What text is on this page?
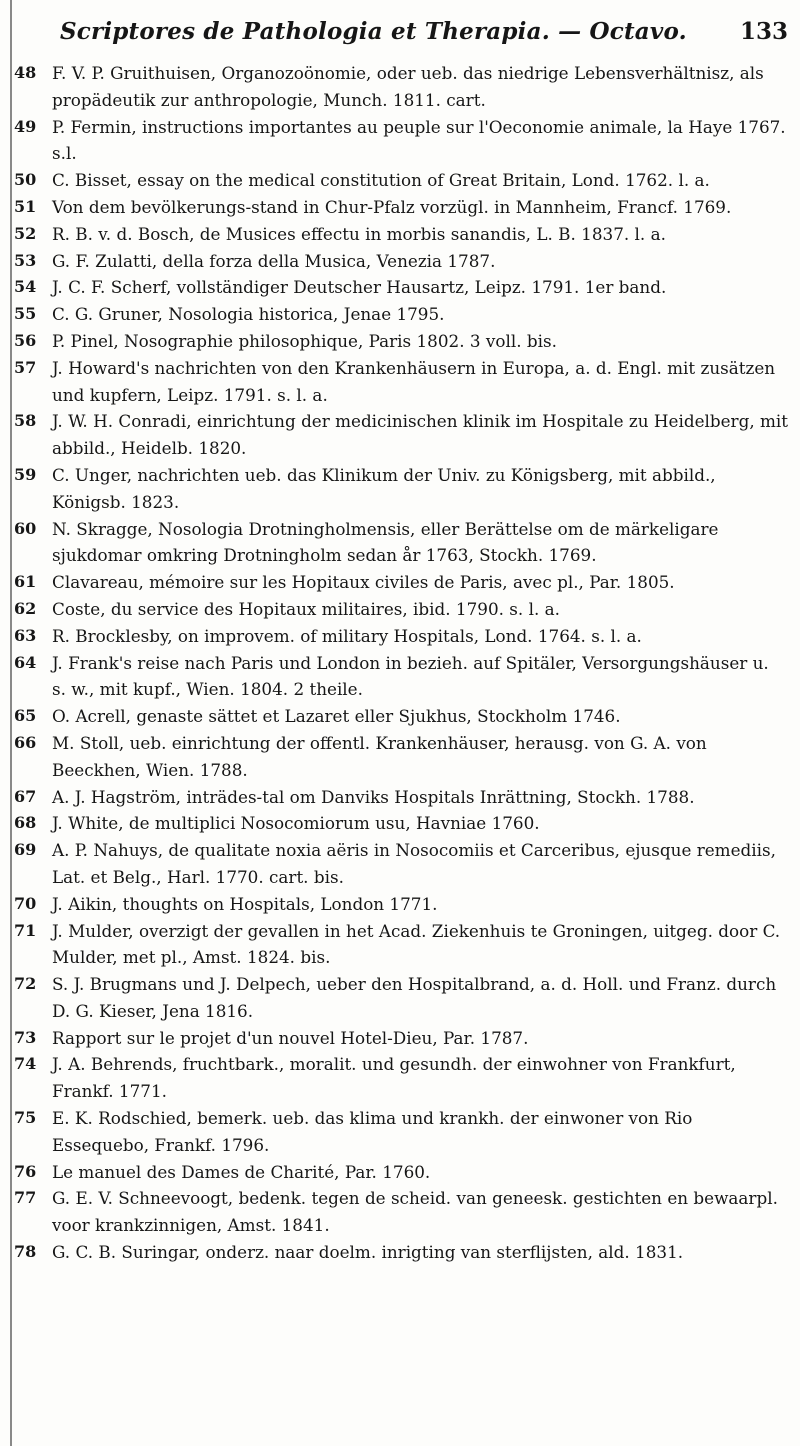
Scriptores de Pathologia et Therapia. — Octavo. 133
48 F. V. P. Gruithuisen, Organozoönomie, oder ueb. das niedrige Lebensverhältnisz, als propädeutik zur anthropologie, Munch. 1811. cart.
49 P. Fermin, instructions importantes au peuple sur l'Oeconomie animale, la Haye 1767. s.l.
50 C. Bisset, essay on the medical constitution of Great Britain, Lond. 1762. l. a.
51 Von dem bevölkerungs-stand in Chur-Pfalz vorzügl. in Mannheim, Francf. 1769.
52 R. B. v. d. Bosch, de Musices effectu in morbis sanandis, L. B. 1837. l. a.
53 G. F. Zulatti, della forza della Musica, Venezia 1787.
54 J. C. F. Scherf, vollständiger Deutscher Hausartz, Leipz. 1791. 1er band.
55 C. G. Gruner, Nosologia historica, Jenae 1795.
56 P. Pinel, Nosographie philosophique, Paris 1802. 3 voll. bis.
57 J. Howard's nachrichten von den Krankenhäusern in Europa, a. d. Engl. mit zusätzen und kupfern, Leipz. 1791. s. l. a.
58 J. W. H. Conradi, einrichtung der medicinischen klinik im Hospitale zu Heidelberg, mit abbild., Heidelb. 1820.
59 C. Unger, nachrichten ueb. das Klinikum der Univ. zu Königsberg, mit abbild., Königsb. 1823.
60 N. Skragge, Nosologia Drotningholmensis, eller Berättelse om de märkeligare sjukdomar omkring Drotningholm sedan år 1763, Stockh. 1769.
61 Clavareau, mémoire sur les Hopitaux civiles de Paris, avec pl., Par. 1805.
62 Coste, du service des Hopitaux militaires, ibid. 1790. s. l. a.
63 R. Brocklesby, on improvem. of military Hospitals, Lond. 1764. s. l. a.
64 J. Frank's reise nach Paris und London in bezieh. auf Spitäler, Versorgungshäuser u. s. w., mit kupf., Wien. 1804. 2 theile.
65 O. Acrell, genaste sättet et Lazaret eller Sjukhus, Stockholm 1746.
66 M. Stoll, ueb. einrichtung der offentl. Krankenhäuser, herausg. von G. A. von Beeckhen, Wien. 1788.
67 A. J. Hagström, inträdes-tal om Danviks Hospitals Inrättning, Stockh. 1788.
68 J. White, de multiplici Nosocomiorum usu, Havniae 1760.
69 A. P. Nahuys, de qualitate noxia aëris in Nosocomiis et Carceribus, ejusque remediis, Lat. et Belg., Harl. 1770. cart. bis.
70 J. Aikin, thoughts on Hospitals, London 1771.
71 J. Mulder, overzigt der gevallen in het Acad. Ziekenhuis te Groningen, uitgeg. door C. Mulder, met pl., Amst. 1824. bis.
72 S. J. Brugmans und J. Delpech, ueber den Hospitalbrand, a. d. Holl. und Franz. durch D. G. Kieser, Jena 1816.
73 Rapport sur le projet d'un nouvel Hotel-Dieu, Par. 1787.
74 J. A. Behrends, fruchtbark., moralit. und gesundh. der einwohner von Frankfurt, Frankf. 1771.
75 E. K. Rodschied, bemerk. ueb. das klima und krankh. der einwoner von Rio Essequebo, Frankf. 1796.
76 Le manuel des Dames de Charité, Par. 1760.
77 G. E. V. Schneevoogt, bedenk. tegen de scheid. van geneesk. gestichten en bewaarpl. voor krankzinnigen, Amst. 1841.
78 G. C. B. Suringar, onderz. naar doelm. inrigting van sterflijsten, ald. 1831.
